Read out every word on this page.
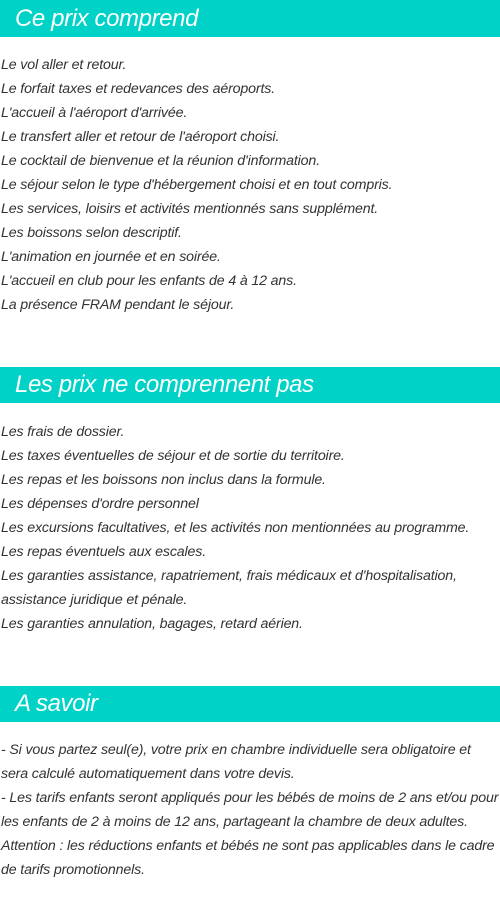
Ce prix comprend
Le vol aller et retour.
Le forfait taxes et redevances des aéroports.
L'accueil à l'aéroport d'arrivée.
Le transfert aller et retour de l'aéroport choisi.
Le cocktail de bienvenue et la réunion d'information.
Le séjour selon le type d'hébergement choisi et en tout compris.
Les services, loisirs et activités mentionnés sans supplément.
Les boissons selon descriptif.
L'animation en journée et en soirée.
L'accueil en club pour les enfants de 4 à 12 ans.
La présence FRAM pendant le séjour.
Les prix ne comprennent pas
Les frais de dossier.
Les taxes éventuelles de séjour et de sortie du territoire.
Les repas et les boissons non inclus dans la formule.
Les dépenses d'ordre personnel
Les excursions facultatives, et les activités non mentionnées au programme.
Les repas éventuels aux escales.
Les garanties assistance, rapatriement, frais médicaux et d'hospitalisation, assistance juridique et pénale.
Les garanties annulation, bagages, retard aérien.
A savoir
- Si vous partez seul(e), votre prix en chambre individuelle sera obligatoire et sera calculé automatiquement dans votre devis.
- Les tarifs enfants seront appliqués pour les bébés de moins de 2 ans et/ou pour les enfants de 2 à moins de 12 ans, partageant la chambre de deux adultes.
Attention : les réductions enfants et bébés ne sont pas applicables dans le cadre de tarifs promotionnels.
